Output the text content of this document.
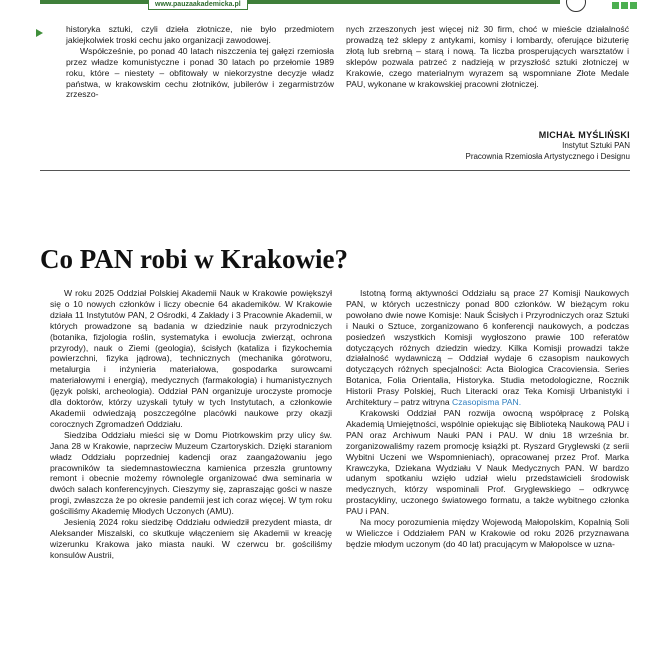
www.pauzaakademicka.pl

historyka sztuki, czyli dzieła złotnicze, nie było przedmiotem jakiejkolwiek troski cechu jako organizacji zawodowej.

Współcześnie, po ponad 40 latach niszczenia tej gałęzi rzemiosła przez władze komunistyczne i ponad 30 latach po przełomie 1989 roku, które – niestety – obfitowały w niekorzystne decyzje władz państwa, w krakowskim cechu złotników, jubilerów i zegarmistrzów zrzeszo-

nych zrzeszonych jest więcej niż 30 firm, choć w mieście działalność prowadzą też sklepy z antykami, komisy i lombardy, oferujące biżuterię złotą lub srebrną – starą i nową. Ta liczba prosperujących warsztatów i sklepów pozwala patrzeć z nadzieją w przyszłość sztuki złotniczej w Krakowie, czego materialnym wyrazem są wspomniane Złote Medale PAU, wykonane w krakowskiej pracowni złotniczej.

MICHAŁ MYŚLIŃSKI
Instytut Sztuki PAN
Pracownia Rzemiosła Artystycznego i Designu
Co PAN robi w Krakowie?

W roku 2025 Oddział Polskiej Akademii Nauk w Krakowie powiększył się o 10 nowych członków i liczy obecnie 64 akademików. W Krakowie działa 11 Instytutów PAN, 2 Ośrodki, 4 Zakłady i 3 Pracownie Akademii, w których prowadzone są badania w dziedzinie nauk przyrodniczych (botanika, fizjologia roślin, systematyka i ewolucja zwierząt, ochrona przyrody), nauk o Ziemi (geologia), ścisłych (kataliza i fizykochemia powierzchni, fizyka jądrowa), technicznych (mechanika górotworu, metalurgia i inżynieria materiałowa, gospodarka surowcami materiałowymi i energią), medycznych (farmakologia) i humanistycznych (język polski, archeologia). Oddział PAN organizuje uroczyste promocje dla doktorów, którzy uzyskali tytuły w tych Instytutach, a członkowie Akademii odwiedzają poszczególne placówki naukowe przy okazji corocznych Zgromadzeń Oddziału.

Siedziba Oddziału mieści się w Domu Piotrkowskim przy ulicy św. Jana 28 w Krakowie, naprzeciw Muzeum Czartoryskich. Dzięki staraniom władz Oddziału poprzedniej kadencji oraz zaangażowaniu jego pracowników ta siedemnastowieczna kamienica przeszła gruntowny remont i obecnie możemy równolegle organizować dwa seminaria w dwóch salach konferencyjnych. Cieszymy się, zapraszając gości w nasze progi, zwłaszcza że po okresie pandemii jest ich coraz więcej. W tym roku gościliśmy Akademię Młodych Uczonych (AMU).

Jesienią 2024 roku siedzibę Oddziału odwiedził prezydent miasta, dr Aleksander Miszalski, co skutkuje włączeniem się Akademii w kreację wizerunku Krakowa jako miasta nauki. W czerwcu br. gościliśmy konsulów Austrii,

Istotną formą aktywności Oddziału są prace 27 Komisji Naukowych PAN, w których uczestniczy ponad 800 członków. W bieżącym roku powołano dwie nowe Komisje: Nauk Ścisłych i Przyrodniczych oraz Sztuki i Nauki o Sztuce, zorganizowano 6 konferencji naukowych, a podczas posiedzeń wszystkich Komisji wygłoszono prawie 100 referatów dotyczących różnych dziedzin wiedzy. Kilka Komisji prowadzi także działalność wydawniczą – Oddział wydaje 6 czasopism naukowych dotyczących różnych specjalności: Acta Biologica Cracoviensia. Series Botanica, Folia Orientalia, Historyka. Studia metodologiczne, Rocznik Historii Prasy Polskiej, Ruch Literacki oraz Teka Komisji Urbanistyki i Architektury – patrz witryna Czasopisma PAN.

Krakowski Oddział PAN rozwija owocną współpracę z Polską Akademią Umiejętności, wspólnie opiekując się Biblioteką Naukową PAU i PAN oraz Archiwum Nauki PAN i PAU. W dniu 18 września br. zorganizowaliśmy razem promocję książki pt. Ryszard Gryglewski (z serii Wybitni Uczeni we Wspomnieniach), opracowanej przez Prof. Marka Krawczyka, Dziekana Wydziału V Nauk Medycznych PAN. W bardzo udanym spotkaniu wzięło udział wielu przedstawicieli środowisk medycznych, którzy wspominali Prof. Gryglewskiego – odkrywcę prostacykliny, uczonego światowego formatu, a także wybitnego członka PAU i PAN.

Na mocy porozumienia między Wojewodą Małopolskim, Kopalnią Soli w Wieliczce i Oddziałem PAN w Krakowie od roku 2026 przyznawana będzie młodym uczonym (do 40 lat) pracującym w Małopolsce w uzna-
